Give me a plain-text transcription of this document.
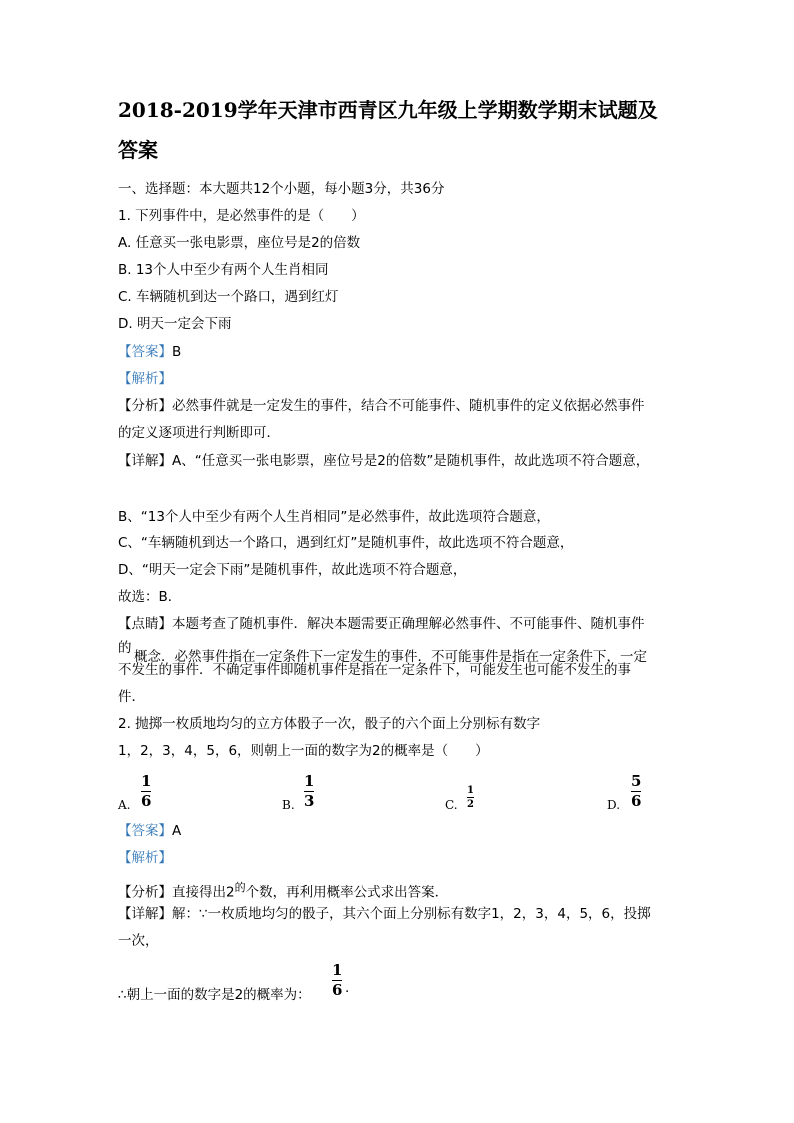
2018-2019学年天津市西青区九年级上学期数学期末试题及
答案
一、选择题：本大题共12个小题，每小题3分，共36分
1. 下列事件中，是必然事件的是（　　）
A. 任意买一张电影票，座位号是2的倍数
B. 13个人中至少有两个人生肖相同
C. 车辆随机到达一个路口，遇到红灯
D. 明天一定会下雨
【答案】B
【解析】
【分析】必然事件就是一定发生的事件，结合不可能事件、随机事件的定义依据必然事件
的定义逐项进行判断即可．
【详解】A、“任意买一张电影票，座位号是2的倍数”是随机事件，故此选项不符合题意，
B、“13个人中至少有两个人生肖相同”是必然事件，故此选项符合题意，
C、“车辆随机到达一个路口，遇到红灯”是随机事件，故此选项不符合题意，
D、“明天一定会下雨”是随机事件，故此选项不符合题意，
故选：B．
【点睛】本题考查了随机事件．解决本题需要正确理解必然事件、不可能事件、随机事件
的
概念．必然事件指在一定条件下一定发生的事件．不可能事件是指在一定条件下，一定
不发生的事件．不确定事件即随机事件是指在一定条件下，可能发生也可能不发生的事
件．
2. 抛掷一枚质地均匀的立方体骰子一次，骰子的六个面上分别标有数字
1，2，3，4，5，6，则朝上一面的数字为2的概率是（　　）
A.
1
6	B.
1
3	C.
1
2	D.
5
6
【答案】A
【解析】
【分析】直接得出$2^的$个数，再利用概率公式求出答案．
【详解】解：∵一枚质地均匀的骰子，其六个面上分别标有数字1，2，3，4，5，6，投掷
一次，
∴朝上一面的数字是2的概率为：
1
6 .
